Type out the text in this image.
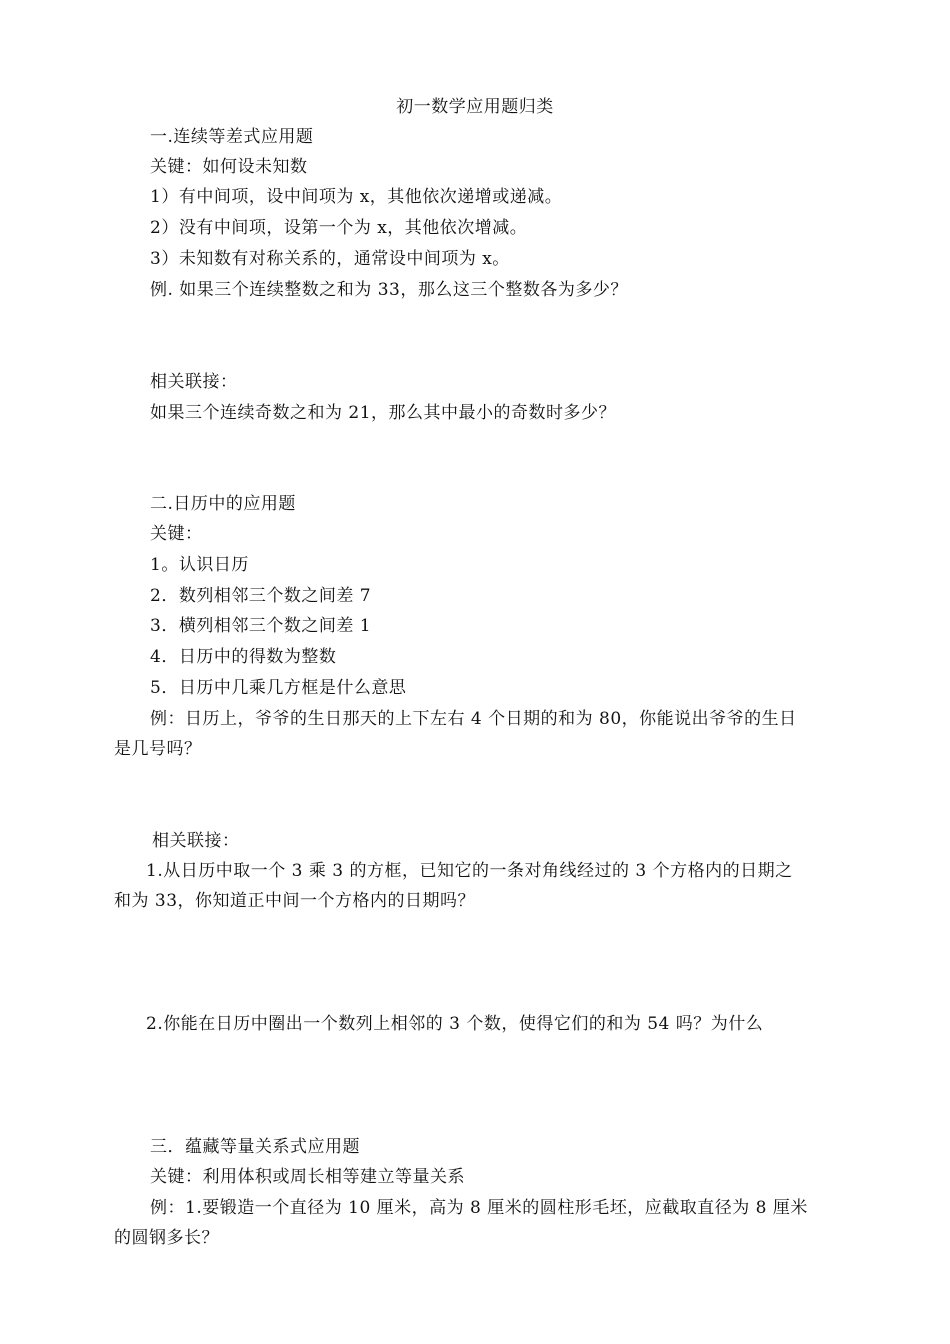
初一数学应用题归类
一.连续等差式应用题
关键：如何设未知数
1）有中间项，设中间项为 x，其他依次递增或递减。
2）没有中间项，设第一个为 x，其他依次增减。
3）未知数有对称关系的，通常设中间项为 x。
例. 如果三个连续整数之和为 33，那么这三个整数各为多少？
相关联接：
如果三个连续奇数之和为 21，那么其中最小的奇数时多少？
二.日历中的应用题
关键：
1。认识日历
2．数列相邻三个数之间差 7
3．横列相邻三个数之间差 1
4．日历中的得数为整数
5．日历中几乘几方框是什么意思
例：日历上，爷爷的生日那天的上下左右 4 个日期的和为 80，你能说出爷爷的生日
是几号吗？
相关联接：
1.从日历中取一个 3 乘 3 的方框，已知它的一条对角线经过的 3 个方格内的日期之
和为 33，你知道正中间一个方格内的日期吗？
2.你能在日历中圈出一个数列上相邻的 3 个数，使得它们的和为 54 吗？为什么
三．蕴藏等量关系式应用题
关键：利用体积或周长相等建立等量关系
例：1.要锻造一个直径为 10 厘米，高为 8 厘米的圆柱形毛坯，应截取直径为 8 厘米
的圆钢多长？
